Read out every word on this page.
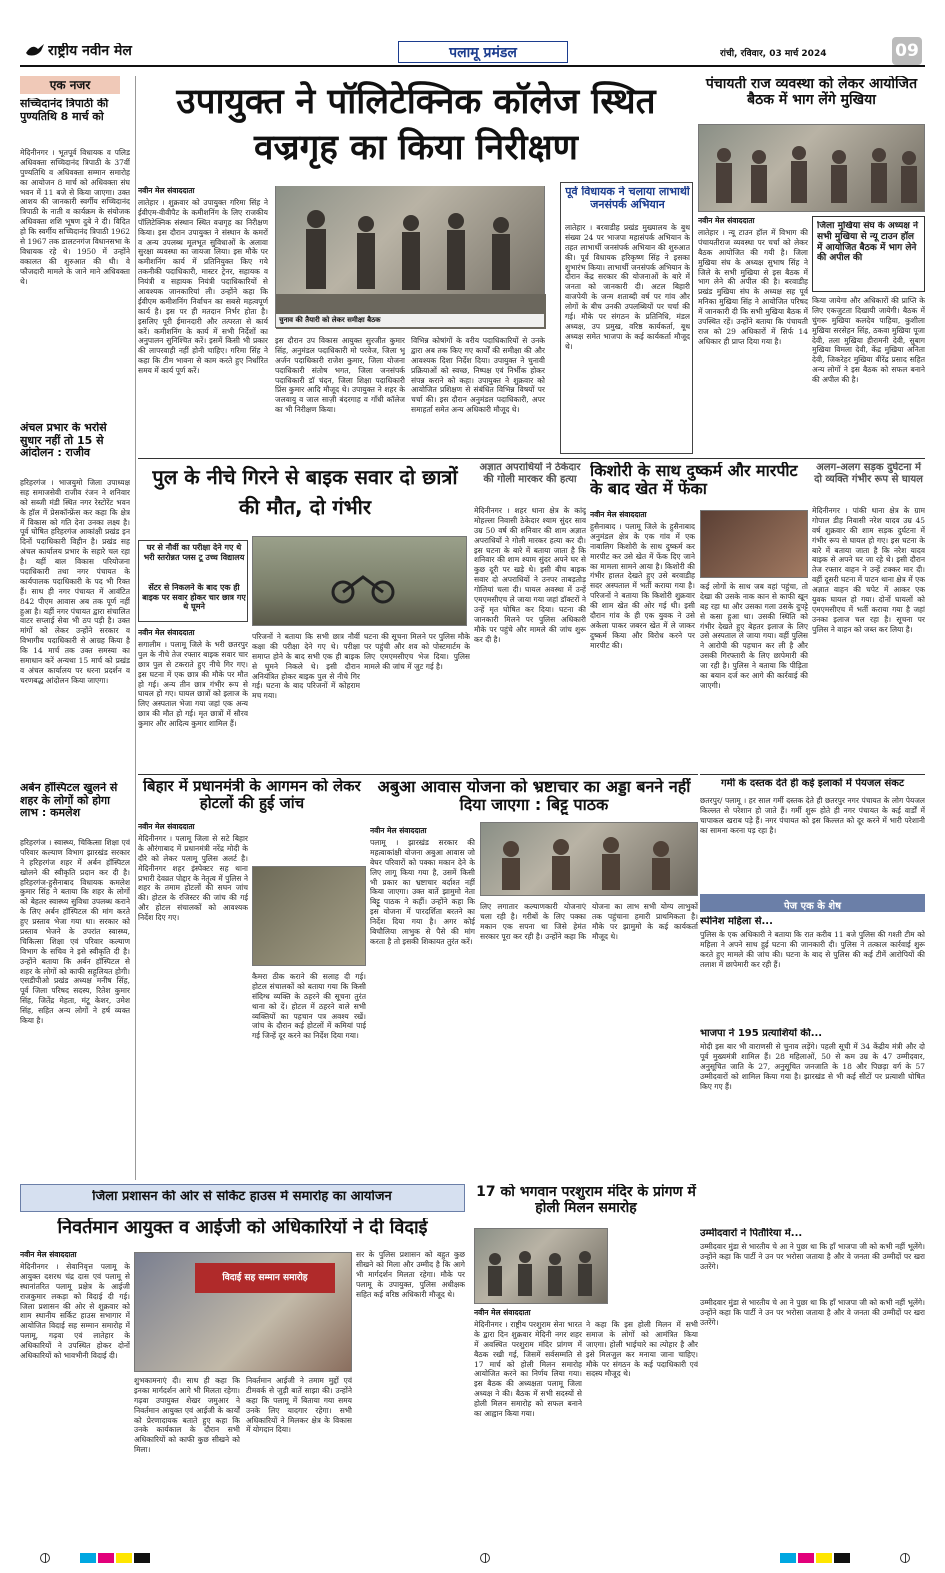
राष्ट्रीय नवीन मेल	पलामू प्रमंडल	रांची, रविवार, 03 मार्च 2024	09
एक नजर
सच्चिदानंद त्रिपाठी की पुण्यतिथि 8 मार्च को
मेदिनीनगर । भूतपूर्व विधायक व पलिड अधिवक्ता सच्चिदानंद त्रिपाठी के 37वीं पुण्यतिथि व अधिवक्ता सम्मान समारोह का आयोजन 8 मार्च को अधिवक्ता संघ भवन में 11 बजे से किया जाएगा। उक्त आशय की जानकारी स्वर्गीय सच्चिदानंद त्रिपाठी के नाती व कार्यक्रम के संयोजक अधिवक्ता शशि भूषण दुबे ने दी। विदित हो कि स्वर्गीय सच्चिदानंद त्रिपाठी 1962 से 1967 तक डालटनगंज विधानसभा के विधायक रहे थे। 1950 में उन्होंने वकालत की शुरुआत की थी। वे फौजदारी मामले के जाने माने अधिवक्ता थे।
अंचल प्रभार के भरोसे सुधार नहीं तो 15 से आंदोलन : राजीव
हरिहरगंज । भाजयुमो जिला उपाध्यक्ष सह समाजसेवी राजीव रंजन ने शनिवार को सब्जी मंडी स्थित नगर रेस्टोरेंट भवन के हॉल में प्रेसकॉन्फ्रेंस कर कहा कि क्षेत्र में विकास को गति देना उनका लक्ष्य है। पूर्व घोषित हरिहरगंज आकांक्षी प्रखंड इन दिनों पदाधिकारी विहीन है। प्रखंड सह अंचल कार्यालय प्रभार के सहारे चल रहा है। यहीं बाल विकास परियोजना पदाधिकारी तथा नगर पंचायत के कार्यपालक पदाधिकारी के पद भी रिक्त हैं। साथ ही नगर पंचायत में आवंटित 842 पीएम आवास अब तक पूर्ण नहीं हुआ है। यहीं नगर पंचायत द्वारा संचालित वाटर सप्लाई सेवा भी ठप पड़ी है। उक्त मांगों को लेकर उन्होंने सरकार व विभागीय पदाधिकारी से आग्रह किया है कि 14 मार्च तक उक्त समस्या का समाधान करें अन्यथा 15 मार्च को प्रखंड व अंचल कार्यालय पर धरना प्रदर्शन व चरणबद्ध आंदोलन किया जाएगा।
अर्बन हॉस्पिटल खुलने से शहर के लोगों को होगा लाभ : कमलेश
हरिहरगंज । स्वास्थ्य, चिकित्सा शिक्षा एवं परिवार कल्याण विभाग झारखंड सरकार ने हरिहरगंज शहर में अर्बन हॉस्पिटल खोलने की स्वीकृति प्रदान कर दी है। हरिहरगंज-हुसैनाबाद विधायक कमलेश कुमार सिंह ने बताया कि शहर के लोगों को बेहतर स्वास्थ्य सुविधा उपलब्ध कराने के लिए अर्बन हॉस्पिटल की मांग करते हुए प्रस्ताव भेजा गया था। सरकार को प्रस्ताव भेजने के उपरांत स्वास्थ्य, चिकित्सा शिक्षा एवं परिवार कल्याण विभाग के सचिव ने इसे स्वीकृति दी है। उन्होंने बताया कि अर्बन हॉस्पिटल से शहर के लोगों को काफी सहूलियत होगी। एसडीपीओ प्रखंड अध्यक्ष मनीष सिंह, पूर्व जिला परिषद सदस्य, रितेश कुमार सिंह, जितेंद्र मेहता, मंटू केशर, उमेश सिंह, सहित अन्य लोगों ने हर्ष व्यक्त किया है।
उपायुक्त ने पॉलिटेक्निक कॉलेज स्थित वज्रगृह का किया निरीक्षण
नवीन मेल संवाददाता
लातेहार । शुक्रवार को उपायुक्त गरिमा सिंह ने ईवीएम-वीवीपैट के कमीशनिंग के लिए राजकीय पॉलिटेक्निक संस्थान स्थित वज्रगृह का निरीक्षण किया। इस दौरान उपायुक्त ने संस्थान के कमरों व अन्य उपलब्ध मूलभूत सुविधाओं के अलावा सुरक्षा व्यवस्था का जायजा लिया। इस मौके पर कमीशनिंग कार्य में प्रतिनियुक्त किए गये तकनीकी पदाधिकारी, मास्टर ट्रेनर, सहायक व नियंत्री व सहायक नियंत्री पदाधिकारियों से आवश्यक जानकारियां ली। उन्होंने कहा कि ईवीएम कमीशनिंग निर्वाचन का सबसे महत्वपूर्ण कार्य है। इस पर ही मतदान निर्भर होता है। इसलिए पूरी ईमानदारी और तत्परता से कार्य करें। कमीशनिंग के कार्य में सभी निर्देशों का अनुपालन सुनिश्चित करें। इसमें किसी भी प्रकार की लापरवाही नहीं होनी चाहिए। गरिमा सिंह ने कहा कि टीम भावना से काम करते हुए निर्धारित समय में कार्य पूर्ण करें।
चुनाव की तैयारी को लेकर समीक्षा बैठक
इस दौरान उप विकास आयुक्त सुरजीत कुमार सिंह, अनुमंडल पदाधिकारी मो परवेज, जिला भू अर्जन पदाधिकारी राजेश कुमार, जिला योजना पदाधिकारी संतोष भगत, जिला जनसंपर्क पदाधिकारी डॉ चंदन, जिला शिक्षा पदाधिकारी प्रिंस कुमार आदि मौजूद थे। उपायुक्त ने शहर के जलवायु व जाल साज़ी बंदरगाह व गाँधी कॉलेज का भी निरीक्षण किया।
विभिन्न कोषांगों के वरीय पदाधिकारियों से उनके द्वारा अब तक किए गए कार्यों की समीक्षा की और आवश्यक दिशा निर्देश दिया। उपायुक्त ने चुनावी प्रक्रियाओं को स्वच्छ, निष्पक्ष एवं निर्भीक होकर संपन्न कराने को कहा। उपायुक्त ने शुक्रवार को आयोजित प्रशिक्षण से संबंधित विभिन्न विषयों पर चर्चा की। इस दौरान अनुमंडल पदाधिकारी, अपर समाहर्ता समेत अन्य अधिकारी मौजूद थे।
पूर्व विधायक ने चलाया लाभार्थी जनसंपर्क अभियान
लातेहार । बरवाडीह प्रखंड मुख्यालय के बुथ संख्या 24 पर भाजपा महासंपर्क अभियान के तहत लाभार्थी जनसंपर्क अभियान की शुरुआत की। पूर्व विधायक हरिकृष्ण सिंह ने इसका शुभारंभ किया। लाभार्थी जनसंपर्क अभियान के दौरान केंद्र सरकार की योजनाओं के बारे में जनता को जानकारी दी। अटल बिहारी वाजपेयी के जन्म शताब्दी वर्ष पर गांव और लोगों के बीच उनकी उपलब्धियों पर चर्चा की गई। मौके पर संगठन के प्रतिनिधि, मंडल अध्यक्ष, उप प्रमुख, वरिष्ठ कार्यकर्ता, बूथ अध्यक्ष समेत भाजपा के कई कार्यकर्ता मौजूद थे।
पंचायती राज व्यवस्था को लेकर आयोजित बैठक में भाग लेंगे मुखिया
नवीन मेल संवाददाता
लातेहार । न्यू टाउन हॉल में विभाग की पंचायतीराज व्यवस्था पर चर्चा को लेकर बैठक आयोजित की गयी है। जिला मुखिया संघ के अध्यक्ष सुभाष सिंह ने जिले के सभी मुखिया से इस बैठक में भाग लेने की अपील की है। बरवाडीह प्रखंड मुखिया संघ के अध्यक्ष सह पूर्व मनिका मुखिया सिंह ने आयोजित परिषद में जानकारी दी कि सभी मुखिया बैठक में उपस्थित रहें। उन्होंने बताया कि पंचायती राज को 29 अधिकारों में सिर्फ 14 अधिकार ही प्राप्त दिया गया है।
जिला मुखिया संघ के अध्यक्ष ने सभी मुखिया से न्यू टाउन हॉल में आयोजित बैठक में भाग लेने की अपील की
किया जायेगा और अधिकारों की प्राप्ति के लिए एकजुटता दिखायी जायेगी। बैठक में चुंगरू मुखिया कलदेव पाहिया, कुशीला मुखिया सरसेहन सिंह, ठकवा मुखिया पूजा देवी, तला मुखिया हीरामनी देवी, सुबाग मुखिया विमला देवी, केंद्र मुखिया अनिता देवी, जिकरेहर मुखिया वीरेंद्र प्रसाद सहित अन्य लोगों ने इस बैठक को सफल बनाने की अपील की है।
पुल के नीचे गिरने से बाइक सवार दो छात्रों की मौत, दो गंभीर
घर से नौवीं का परीक्षा देने गए थे भरी स्तरोन्नत प्लस टू उच्च विद्यालय
सेंटर से निकलने के बाद एक ही बाइक पर सवार होकर चार छात्र गए थे घूमने
नवीन मेल संवाददाता
सगालीम । पलामू जिले के भरी छतरपुर पुल के नीचे तेज रफ्तार बाइक सवार चार छात्र पुल से टकराते हुए नीचे गिर गए। इस घटना में एक छात्र की मौके पर मौत हो गई। अन्य तीन छात्र गंभीर रूप से घायल हो गए। घायल छात्रों को इलाज के लिए अस्पताल भेजा गया जहां एक अन्य छात्र की मौत हो गई। मृत छात्रों में सौरव कुमार और आदित्य कुमार शामिल हैं।
परिजनों ने बताया कि सभी छात्र नौवीं कक्षा की परीक्षा देने गए थे। परीक्षा समाप्त होने के बाद सभी एक ही बाइक से घूमने निकले थे। इसी दौरान अनियंत्रित होकर बाइक पुल से नीचे गिर गई। घटना के बाद परिजनों में कोहराम मच गया।
घटना की सूचना मिलने पर पुलिस मौके पर पहुंची और शव को पोस्टमार्टम के लिए एमएमसीएच भेज दिया। पुलिस मामले की जांच में जुट गई है।
अज्ञात अपराधियों ने ठेकेदार की गोली मारकर की हत्या
मेदिनीनगर । शहर थाना क्षेत्र के कांदू मोहल्ला निवासी ठेकेदार श्याम सुंदर साव उम्र 50 वर्ष की शनिवार की शाम अज्ञात अपराधियों ने गोली मारकर हत्या कर दी। इस घटना के बारे में बताया जाता है कि शनिवार की शाम श्याम सुंदर अपने घर से कुछ दूरी पर खड़े थे। इसी बीच बाइक सवार दो अपराधियों ने उनपर ताबड़तोड़ गोलियां चला दी। घायल अवस्था में उन्हें एमएमसीएच ले जाया गया जहां डॉक्टरों ने उन्हें मृत घोषित कर दिया। घटना की जानकारी मिलने पर पुलिस अधिकारी मौके पर पहुंचे और मामले की जांच शुरू कर दी है।
किशोरी के साथ दुष्कर्म और मारपीट के बाद खेत में फेंका
नवीन मेल संवाददाता
हुसैनाबाद । पलामू जिले के हुसैनाबाद अनुमंडल क्षेत्र के एक गांव में एक नाबालिग किशोरी के साथ दुष्कर्म कर मारपीट कर उसे खेत में फेंक दिए जाने का मामला सामने आया है। किशोरी की गंभीर हालत देखते हुए उसे बरवाडीह सदर अस्पताल में भर्ती कराया गया है। परिजनों ने बताया कि किशोरी शुक्रवार की शाम खेत की ओर गई थी। इसी दौरान गांव के ही एक युवक ने उसे अकेला पाकर जबरन खेत में ले जाकर दुष्कर्म किया और विरोध करने पर मारपीट की।
कई लोगों के साथ जब वहां पहुंचा, तो देखा की उसके नाक कान से काफी खून बह रहा था और उसका गला उसके दुपट्टे से कसा हुआ था। उसकी स्थिति को गंभीर देखते हुए बेहतर इलाज के लिए उसे अस्पताल ले जाया गया। वहीं पुलिस ने आरोपी की पहचान कर ली है और उसकी गिरफ्तारी के लिए छापेमारी की जा रही है। पुलिस ने बताया कि पीड़िता का बयान दर्ज कर आगे की कार्रवाई की जाएगी।
अलग-अलग सड़क दुर्घटना में दो व्यक्ति गंभीर रूप से घायल
मेदिनीनगर । पांकी थाना क्षेत्र के ग्राम गोपाल डीह निवासी नरेश यादव उम्र 45 वर्ष शुक्रवार की शाम सड़क दुर्घटना में गंभीर रूप से घायल हो गए। इस घटना के बारे में बताया जाता है कि नरेश यादव बाइक से अपने घर जा रहे थे। इसी दौरान तेज रफ्तार वाहन ने उन्हें टक्कर मार दी। वहीं दूसरी घटना में पाटन थाना क्षेत्र में एक अज्ञात वाहन की चपेट में आकर एक युवक घायल हो गया। दोनों घायलों को एमएमसीएच में भर्ती कराया गया है जहां उनका इलाज चल रहा है। सूचना पर पुलिस ने वाहन को जब्त कर लिया है।
गर्मी के दस्तक देते ही कई इलाकों में पेयजल संकट
छतरपुर/ पलामू । हर साल गर्मी दस्तक देते ही छतरपुर नगर पंचायत के लोग पेयजल किल्लत से परेशान हो जाते हैं। गर्मी शुरू होते ही नगर पंचायत के कई वार्डों में चापाकल खराब पड़े हैं। नगर पंचायत को इस किल्लत को दूर करने में भारी परेशानी का सामना करना पड़ रहा है।
बिहार में प्रधानमंत्री के आगमन को लेकर होटलों की हुई जांच
नवीन मेल संवाददाता
मेदिनीनगर । पलामू जिला से सटे बिहार के औरंगाबाद में प्रधानमंत्री नरेंद्र मोदी के दौरे को लेकर पलामू पुलिस अलर्ट है। मेदिनीनगर शहर इंस्पेक्टर सह थाना प्रभारी देवव्रत पोद्दार के नेतृत्व में पुलिस ने शहर के तमाम होटलों की सघन जांच की। होटल के रजिस्टर की जांच की गई और होटल संचालकों को आवश्यक निर्देश दिए गए।
कैमरा ठीक कराने की सलाह दी गई। होटल संचालकों को बताया गया कि किसी संदिग्ध व्यक्ति के ठहरने की सूचना तुरंत थाना को दें। होटल में ठहरने वाले सभी व्यक्तियों का पहचान पत्र अवश्य रखें। जांच के दौरान कई होटलों में कमियां पाई गई जिन्हें दूर करने का निर्देश दिया गया।
अबुआ आवास योजना को भ्रष्टाचार का अड्डा बनने नहीं दिया जाएगा : बिट्टू पाठक
नवीन मेल संवाददाता
पलामू । झारखंड सरकार की महत्वाकांक्षी योजना अबुआ आवास जो बेघर परिवारों को पक्का मकान देने के लिए लागू किया गया है, उसमें किसी भी प्रकार का भ्रष्टाचार बर्दाश्त नहीं किया जाएगा। उक्त बातें झामुमो नेता बिट्टू पाठक ने कहीं। उन्होंने कहा कि इस योजना में पारदर्शिता बरतने का निर्देश दिया गया है। अगर कोई बिचौलिया लाभुक से पैसे की मांग करता है तो इसकी शिकायत तुरंत करें।
लिए लगातार कल्याणकारी योजनाएं चला रही है। गरीबों के लिए पक्का मकान एक सपना था जिसे हेमंत सरकार पूरा कर रही है। उन्होंने कहा कि योजना का लाभ सभी योग्य लाभुकों तक पहुंचाना हमारी प्राथमिकता है। मौके पर झामुमो के कई कार्यकर्ता मौजूद थे।
पेज एक के शेष
स्पेनिश महिला से...
पुलिस के एक अधिकारी ने बताया कि रात करीब 11 बजे पुलिस की गश्ती टीम को महिला ने अपने साथ हुई घटना की जानकारी दी। पुलिस ने तत्काल कार्रवाई शुरू करते हुए मामले की जांच की। घटना के बाद से पुलिस की कई टीमें आरोपियों की तलाश में छापेमारी कर रही हैं।
भाजपा ने 195 प्रत्याशियों की...
मोदी इस बार भी वाराणसी से चुनाव लड़ेंगे। पहली सूची में 34 केंद्रीय मंत्री और दो पूर्व मुख्यमंत्री शामिल हैं। 28 महिलाओं, 50 से कम उम्र के 47 उम्मीदवार, अनुसूचित जाति के 27, अनुसूचित जनजाति के 18 और पिछड़ा वर्ग के 57 उम्मीदवारों को शामिल किया गया है। झारखंड से भी कई सीटों पर प्रत्याशी घोषित किए गए हैं।
उम्मीदवारों ने पितौरिया में...
उम्मीदवार मुंडा से भारतीय चे आ ने पुछा था कि हाँ भाजपा जी को कभी नहीं भूलेंगे। उन्होंने कहा कि पार्टी ने उन पर भरोसा जताया है और वे जनता की उम्मीदों पर खरा उतरेंगे।
उम्मीदवार मुंडा से भारतीय चे आ ने पुछा था कि हाँ भाजपा जी को कभी नहीं भूलेंगे। उन्होंने कहा कि पार्टी ने उन पर भरोसा जताया है और वे जनता की उम्मीदों पर खरा उतरेंगे।
जिला प्रशासन की ओर से सर्किट हाउस में समारोह का आयोजन
निवर्तमान आयुक्त व आईजी को अधिकारियों ने दी विदाई
नवीन मेल संवाददाता
मेदिनीनगर । सेवानिवृत्त पलामू के आयुक्त दशरथ चंद्र दास एवं पलामू से स्थानांतरित पलामू प्रक्षेत्र के आईजी राजकुमार लकड़ा को विदाई दी गई। जिला प्रशासन की ओर से शुक्रवार को शाम स्थानीय सर्किट हाउस सभागार में आयोजित विदाई सह सम्मान समारोह में पलामू, गढ़वा एवं लातेहार के अधिकारियों ने उपस्थित होकर दोनों अधिकारियों को भावभीनी विदाई दी।
विदाई सह सम्मान समारोह
शुभकामनाएं दी। साथ ही कहा कि इनका मार्गदर्शन आगे भी मिलता रहेगा। गढ़वा उपायुक्त शेखर जमुआर ने निवर्तमान आयुक्त एवं आईजी के कार्यों को प्रेरणादायक बताते हुए कहा कि उनके कार्यकाल के दौरान सभी अधिकारियों को काफी कुछ सीखने को मिला।
निवर्तमान आईजी ने तमाम मुद्दों एवं टीमवर्क से जुड़ी बातें साझा की। उन्होंने कहा कि पलामू में बिताया गया समय उनके लिए यादगार रहेगा। सभी अधिकारियों ने मिलकर क्षेत्र के विकास में योगदान दिया।
सर के पुलिस प्रशासन को बहुत कुछ सीखने को मिला और उम्मीद है कि आगे भी मार्गदर्शन मिलता रहेगा। मौके पर पलामू के उपायुक्त, पुलिस अधीक्षक सहित कई वरिष्ठ अधिकारी मौजूद थे।
17 को भगवान परशुराम मंदिर के प्रांगण में होली मिलन समारोह
नवीन मेल संवाददाता
मेदिनीनगर । राष्ट्रीय परशुराम सेना भारत के द्वारा दिन शुक्रवार मेदिनी नगर शहर में अवस्थित परशुराम मंदिर प्रांगण में बैठक रखी गई, जिसमें सर्वसम्मति से 17 मार्च को होली मिलन समारोह आयोजित करने का निर्णय लिया गया। इस बैठक की अध्यक्षता पलामू जिला अध्यक्ष ने की। बैठक में सभी सदस्यों से होली मिलन समारोह को सफल बनाने का आह्वान किया गया।
ने कहा कि इस होली मिलन में सभी समाज के लोगों को आमंत्रित किया जाएगा। होली भाईचारे का त्योहार है और इसे मिलजुल कर मनाया जाना चाहिए। मौके पर संगठन के कई पदाधिकारी एवं सदस्य मौजूद थे।
